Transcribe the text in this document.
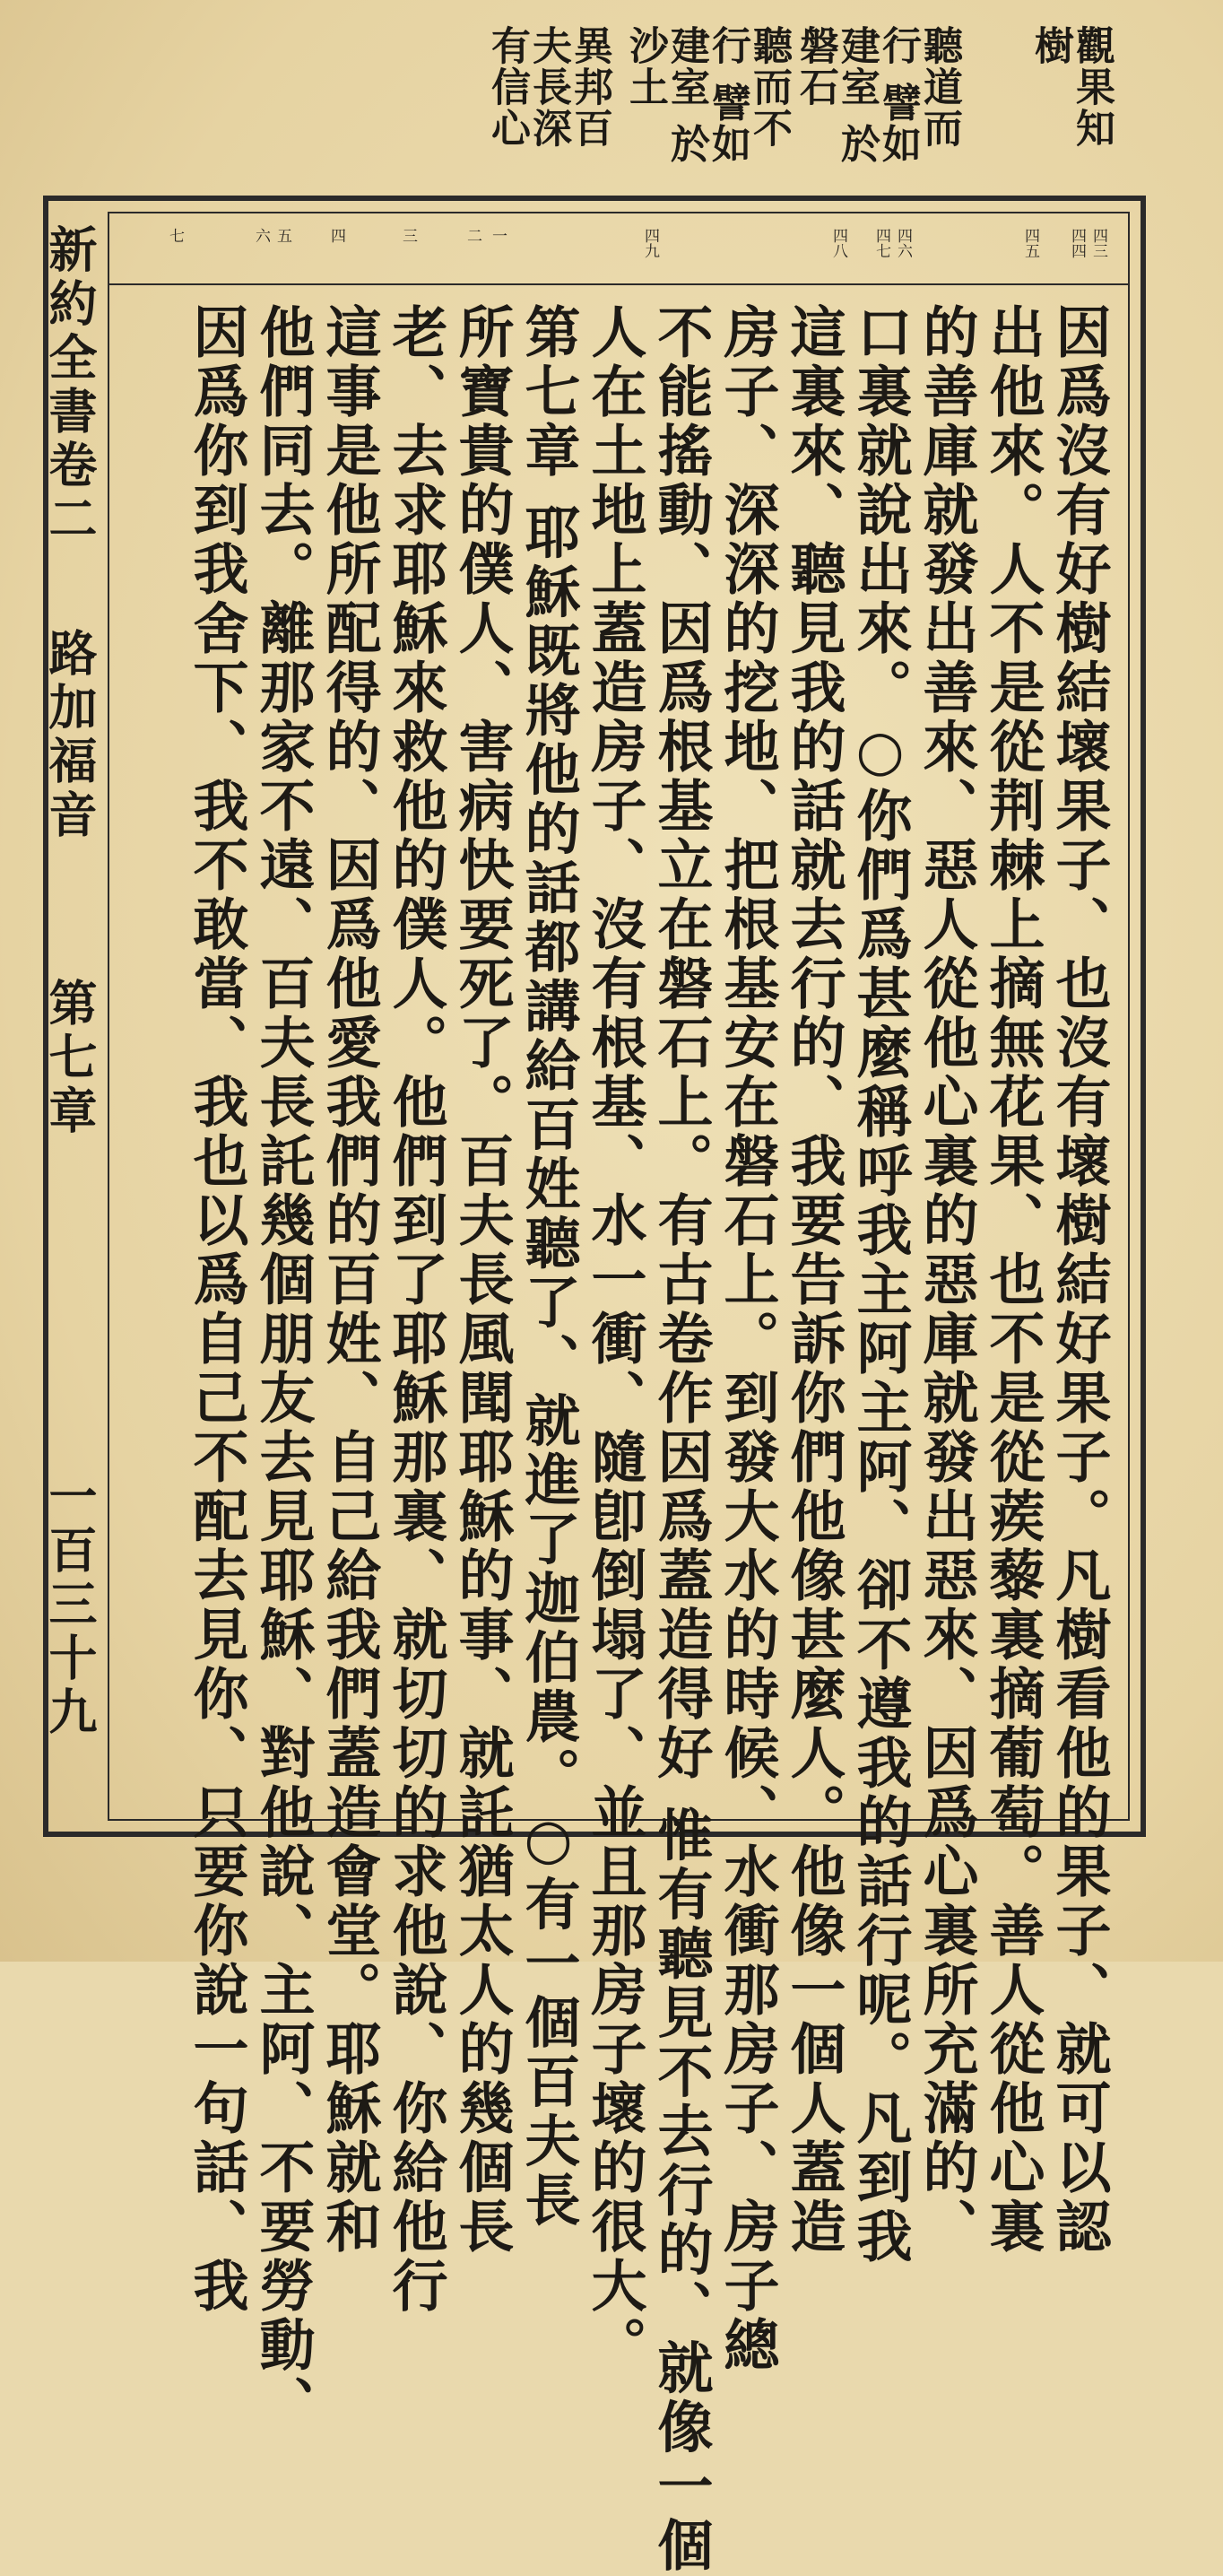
觀果知樹
聽道而行 譬如建室 於磐石
聽而不行 譬如建室 於沙土
異邦百夫長深有信心
新約全書卷二
路加福音
第七章
一百三十九
四三
四四
四五
四六
四七
四八
四九
一
二
三
四
五
六
七
因爲沒有好樹結壞果子、也沒有壞樹結好果子。凡樹看他的果子、就可以認
出他來。人不是從荆棘上摘無花果、也不是從蒺藜裏摘葡萄。善人從他心裏
的善庫就發出善來、惡人從他心裏的惡庫就發出惡來、因爲心裏所充滿的、
口裏就說出來。○你們爲甚麼稱呼我主阿主阿、卻不遵我的話行呢。凡到我
這裏來、聽見我的話就去行的、我要告訴你們他像甚麼人。他像一個人蓋造
房子、深深的挖地、把根基安在磐石上。到發大水的時候、水衝那房子、房子總
不能搖動、因爲根基立在磐石上。有古卷作因爲蓋造得好 惟有聽見不去行的、就像一個
人在土地上蓋造房子、沒有根基、水一衝、隨卽倒塌了、並且那房子壞的很大。
第七章 耶穌既將他的話都講給百姓聽了、就進了迦伯農。○有一個百夫長
所寶貴的僕人、害病快要死了。百夫長風聞耶穌的事、就託猶太人的幾個長
老、去求耶穌來救他的僕人。他們到了耶穌那裏、就切切的求他說、你給他行
這事是他所配得的、因爲他愛我們的百姓、自己給我們蓋造會堂。耶穌就和
他們同去。離那家不遠、百夫長託幾個朋友去見耶穌、對他說、主阿、不要勞動、
因爲你到我舍下、我不敢當、我也以爲自己不配去見你、只要你說一句話、我
